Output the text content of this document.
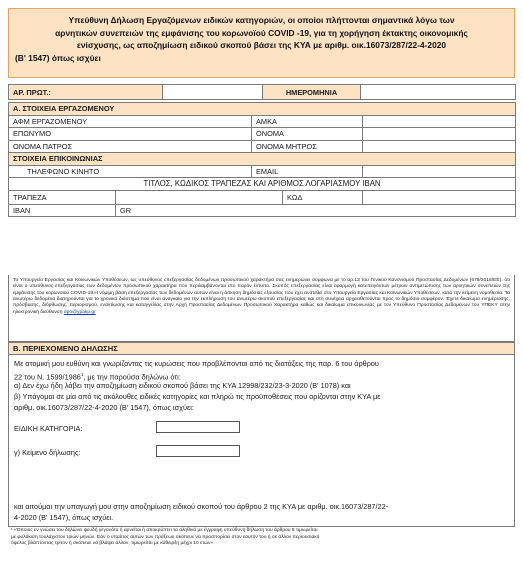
Υπεύθυνη Δήλωση Εργαζόμενων ειδικών κατηγοριών, οι οποίοι πλήττονται σημαντικά λόγω των
αρνητικών συνεπειών της εμφάνισης του κορωνοϊού COVID -19, για τη χορήγηση έκτακτης οικονομικής
ενίσχυσης, ως αποζημίωση ειδικού σκοπού βάσει της ΚΥΑ με αριθμ. οικ.16073/287/22-4-2020
(Β' 1547) όπως ισχύει
ΑΡ. ΠΡΩΤ.:		ΗΜΕΡΟΜΗΝΙΑ	
Α. ΣΤΟΙΧΕΙΑ ΕΡΓΑΖΟΜΕΝΟΥ				
ΑΦΜ ΕΡΓΑΖΟΜΕΝΟΥ		ΑΜΚΑ		
ΕΠΩΝΥΜΟ		ΟΝΟΜΑ		
ΟΝΟΜΑ ΠΑΤΡΟΣ		ΟΝΟΜΑ ΜΗΤΡΟΣ		
ΣΤΟΙΧΕΙΑ ΕΠΙΚΟΙΝΩΝΙΑΣ				
ΤΗΛΕΦΩΝΟ ΚΙΝΗΤΟ		EMAIL		
ΤΙΤΛΟΣ, ΚΩΔΙΚΟΣ ΤΡΑΠΕΖΑΣ ΚΑΙ ΑΡΙΘΜΟΣ ΛΟΓΑΡΙΑΣΜΟΥ IBAN				
ΤΡΑΠΕΖΑ			ΚΩΔ	
IBAN	GR			
Το Υπουργείο Εργασίας και Κοινωνικών Υποθέσεων, ως υπεύθυνος επεξεργασίας δεδομένων προσωπικού χαρακτήρα σας ενημερώνει σύμφωνα με το αρ.13 του Γενικού Κανονισμού Προστασίας Δεδομένων (679/2016/ΕΕ), ότι είναι ο υπεύθυνος επεξεργασίας των δεδομένων προσωπικού χαρακτήρα που περιλαμβάνονται στο παρόν έντυπο. Σκοπός επεξεργασίας είναι εφαρμογή κατεπειγόντων μέτρων αντιμετώπισης των αρνητικών συνεπειών της εμφάνισης του κορωνοϊού COVID-19.Η νόμιμη βάση επεξεργασίας των δεδομένων αυτών είναι η άσκηση δημόσιας εξουσίας που έχει ανατεθεί στο Υπουργείο Εργασίας και Κοινωνικών Υποθέσεων, κατά την κείμενη νομοθεσία. Τα ανωτέρω δεδομένα διατηρούνται για το χρονικό διάστημα που είναι αναγκαίο για την εκπλήρωση του ανωτέρω σκοπού επεξεργασίας και στη συνέχεια αρχειοθετούνται προς το δημόσιο συμφέρον. Έχετε δικαίωμα ενημέρωσης, πρόσβασης, διόρθωσης, περιορισμού, εναντίωσης και καταγγελίας στην Αρχή Προστασίας Δεδομένων Προσωπικού Χαρακτήρα καθώς και δικαίωμα επικοινωνίας με τον Υπεύθυνο Προστασίας Δεδομένων του ΥΠΕΚΥ στην ηλεκτρονική διεύθυνση dpo@ypakp.gr
Β. ΠΕΡΙΕΧΟΜΕΝΟ ΔΗΛΩΣΗΣ
Με ατομική μου ευθύνη και γνωρίζοντας τις κυρώσεις που προβλέπονται από τις διατάξεις της παρ. 6 του άρθρου
22 του Ν. 1599/1986$^1$, με την παρούσα δηλώνω ότι:
α) Δεν έχω ήδη λάβει την αποζημίωση ειδικού σκοπού βάσει της ΚΥΑ 12998/232/23-3-2020 (Β' 1078) και
β) Υπάγομαι σε μία από τις ακόλουθες ειδικές κατηγορίες και πληρώ τις προϋποθέσεις που ορίζονται στην ΚΥΑ με
αριθμ. οικ.16073/287/22-4-2020 (Β' 1547), όπως ισχύει:
ΕΙΔΙΚΗ ΚΑΤΗΓΟΡΙΑ:
γ) Κείμενο δήλωσης:
και αιτούμαι την υπαγωγή μου στην αποζημίωση ειδικού σκοπού του άρθρου 2 της ΚΥΑ με αριθμ. οικ.16073/287/22-
4-2020 (Β' 1547), όπως ισχύει.
¹ «Όποιος εν γνώσει του δηλώνει ψευδή γεγονότα ή αρνείται ή αποκρύπτει τα αληθινά με έγγραφη υπεύθυνη δήλωση του άρθρου 8 τιμωρείται
με φυλάκιση τουλάχιστον τριών μηνών. Εάν ο υπαίτιος αυτών των πράξεων σκόπευε να προσπορίσει στον εαυτόν του ή σε άλλον περιουσιακό
όφελος βλάπτοντας τρίτον ή σκόπευε να βλάψει άλλον, τιμωρείται με κάθειρξη μέχρι 10 ετών»
